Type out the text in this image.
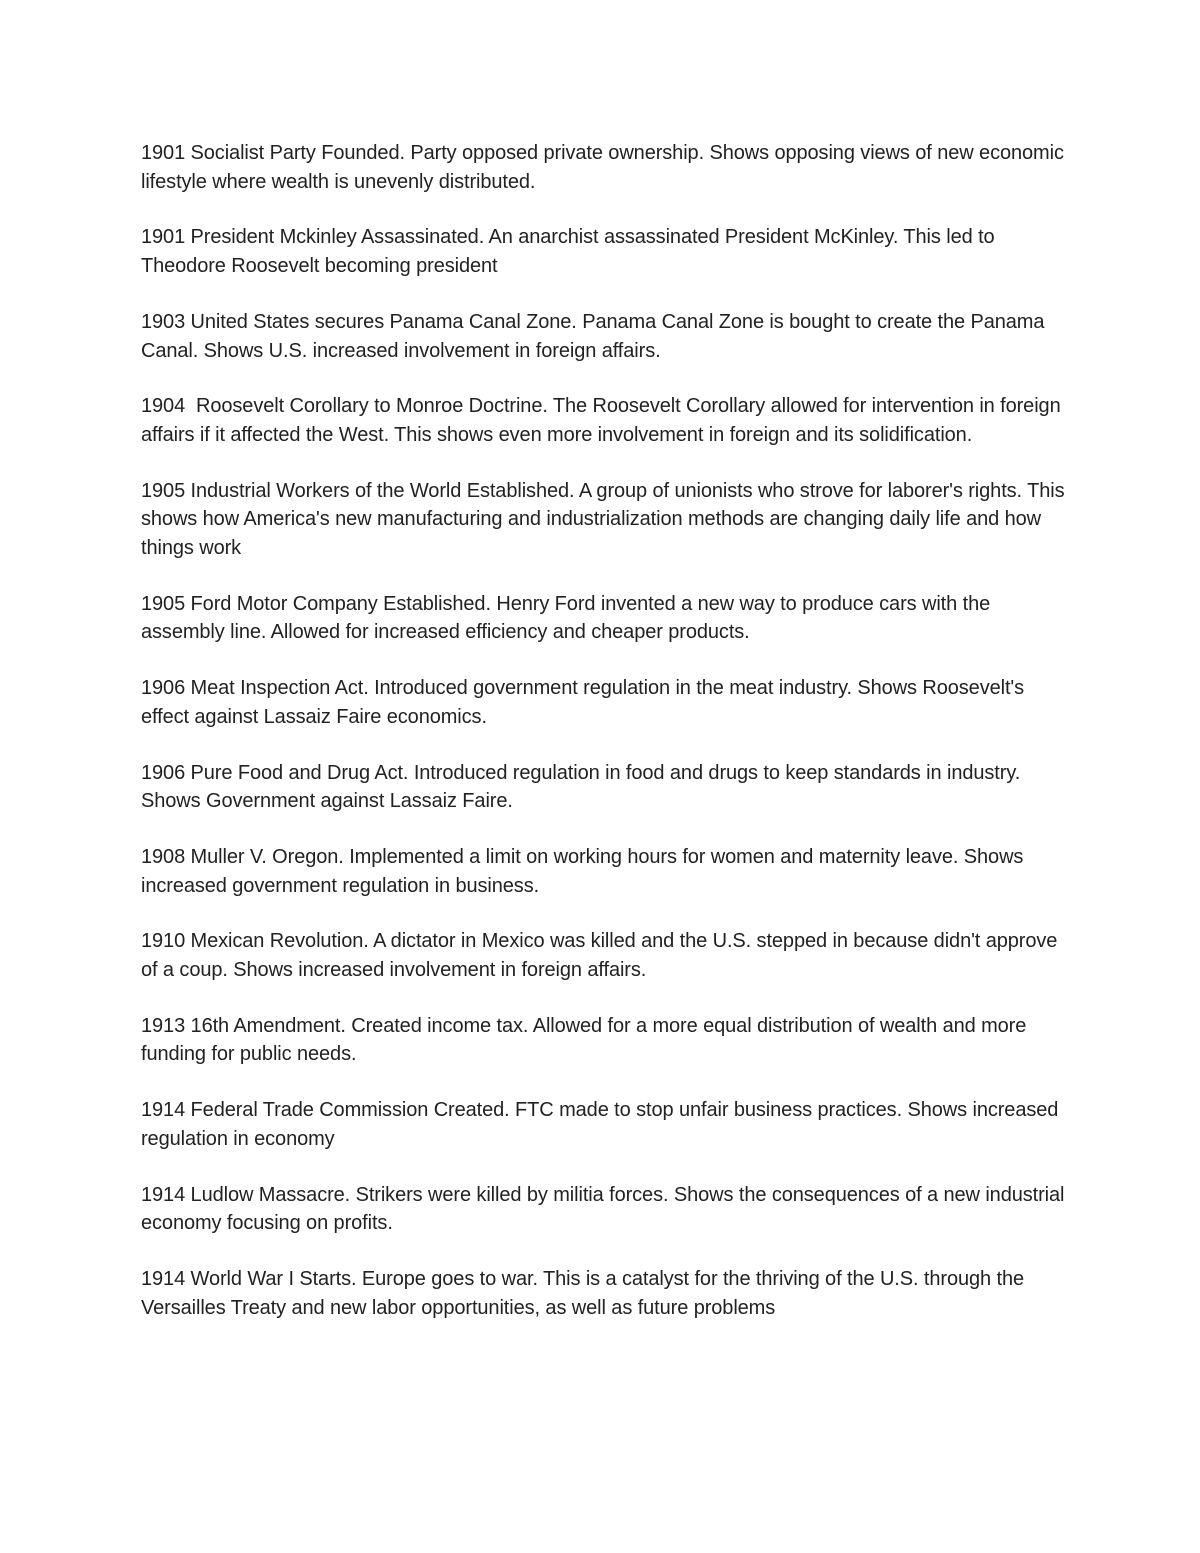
1901 Socialist Party Founded. Party opposed private ownership. Shows opposing views of new economic lifestyle where wealth is unevenly distributed.

1901 President Mckinley Assassinated. An anarchist assassinated President McKinley. This led to Theodore Roosevelt becoming president

1903 United States secures Panama Canal Zone. Panama Canal Zone is bought to create the Panama Canal. Shows U.S. increased involvement in foreign affairs.

1904  Roosevelt Corollary to Monroe Doctrine. The Roosevelt Corollary allowed for intervention in foreign affairs if it affected the West. This shows even more involvement in foreign and its solidification.

1905 Industrial Workers of the World Established. A group of unionists who strove for laborer's rights. This shows how America's new manufacturing and industrialization methods are changing daily life and how things work

1905 Ford Motor Company Established. Henry Ford invented a new way to produce cars with the assembly line. Allowed for increased efficiency and cheaper products.

1906 Meat Inspection Act. Introduced government regulation in the meat industry. Shows Roosevelt's effect against Lassaiz Faire economics.

1906 Pure Food and Drug Act. Introduced regulation in food and drugs to keep standards in industry. Shows Government against Lassaiz Faire.

1908 Muller V. Oregon. Implemented a limit on working hours for women and maternity leave. Shows increased government regulation in business.

1910 Mexican Revolution. A dictator in Mexico was killed and the U.S. stepped in because didn't approve of a coup. Shows increased involvement in foreign affairs.

1913 16th Amendment. Created income tax. Allowed for a more equal distribution of wealth and more funding for public needs.

1914 Federal Trade Commission Created. FTC made to stop unfair business practices. Shows increased regulation in economy

1914 Ludlow Massacre. Strikers were killed by militia forces. Shows the consequences of a new industrial economy focusing on profits.

1914 World War I Starts. Europe goes to war. This is a catalyst for the thriving of the U.S. through the Versailles Treaty and new labor opportunities, as well as future problems
